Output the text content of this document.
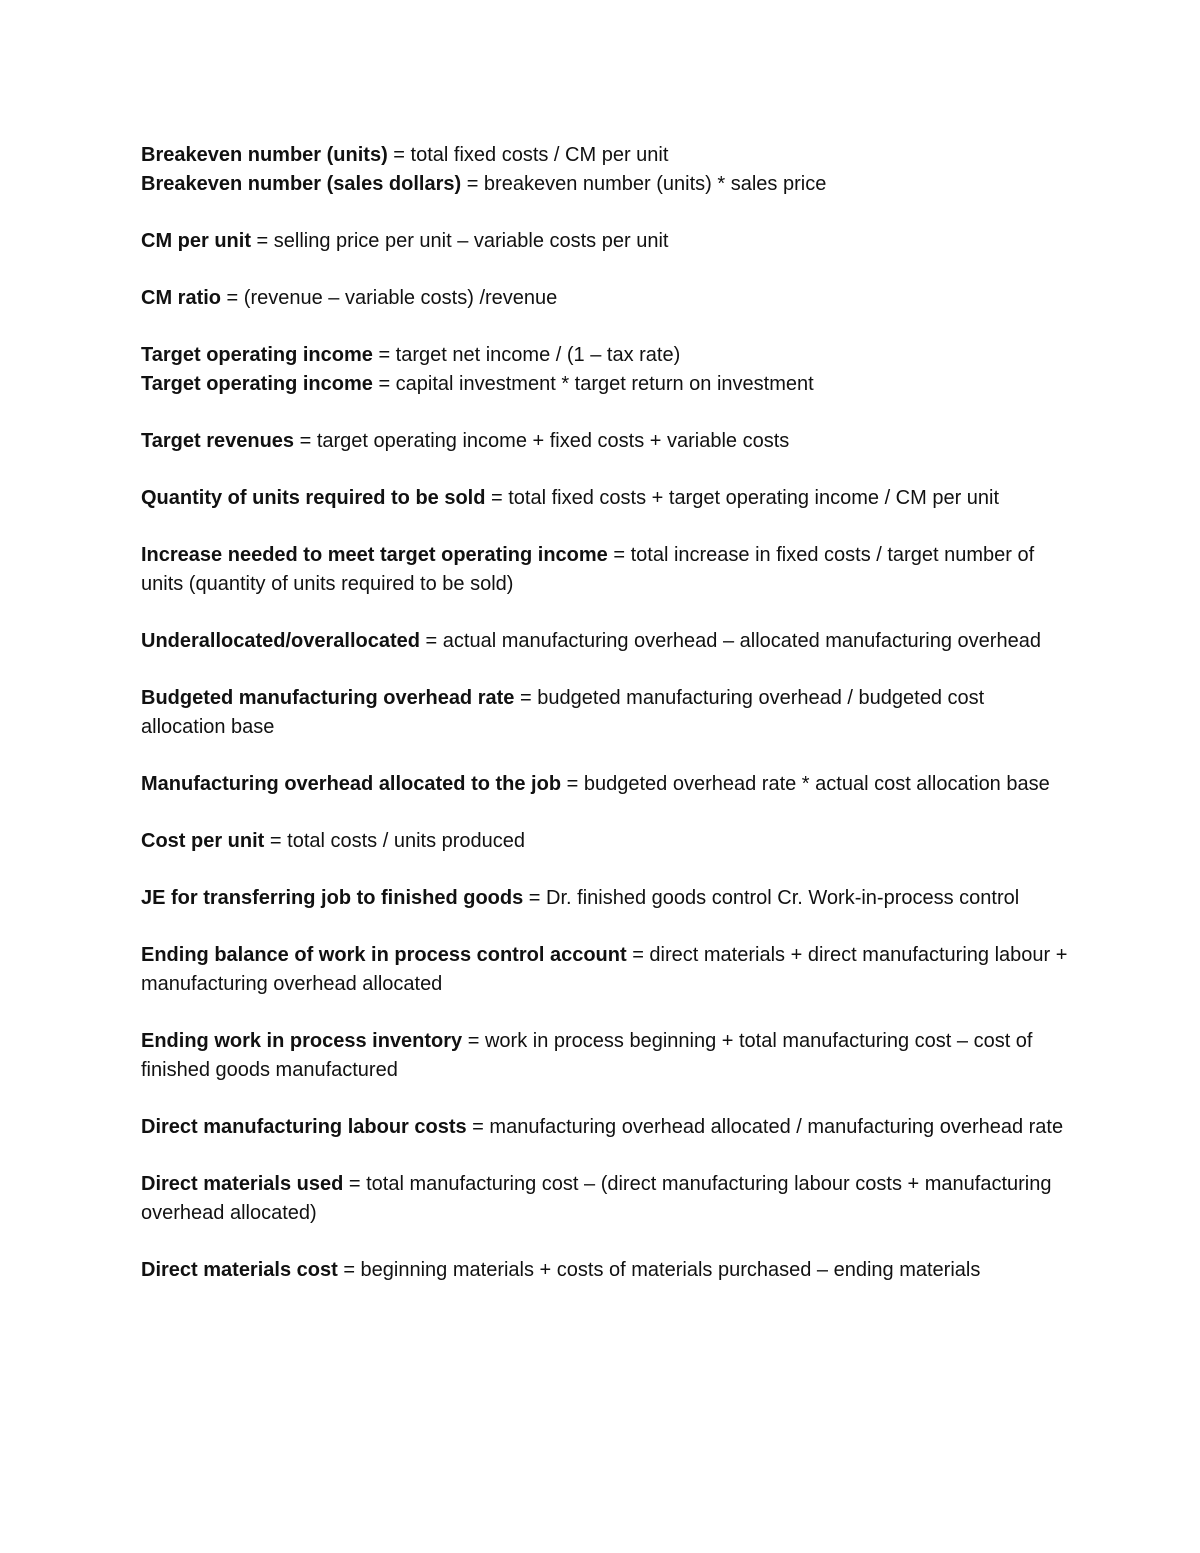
Breakeven number (units) = total fixed costs / CM per unit

Breakeven number (sales dollars) = breakeven number (units) * sales price

CM per unit = selling price per unit – variable costs per unit

CM ratio = (revenue – variable costs) /revenue

Target operating income = target net income / (1 – tax rate)

Target operating income = capital investment * target return on investment

Target revenues = target operating income + fixed costs + variable costs

Quantity of units required to be sold = total fixed costs + target operating income / CM per unit

Increase needed to meet target operating income = total increase in fixed costs / target number of units (quantity of units required to be sold)

Underallocated/overallocated = actual manufacturing overhead – allocated manufacturing overhead

Budgeted manufacturing overhead rate = budgeted manufacturing overhead / budgeted cost allocation base

Manufacturing overhead allocated to the job = budgeted overhead rate * actual cost allocation base

Cost per unit = total costs / units produced

JE for transferring job to finished goods = Dr. finished goods control Cr. Work-in-process control

Ending balance of work in process control account = direct materials + direct manufacturing labour + manufacturing overhead allocated

Ending work in process inventory = work in process beginning + total manufacturing cost – cost of finished goods manufactured

Direct manufacturing labour costs = manufacturing overhead allocated / manufacturing overhead rate

Direct materials used = total manufacturing cost – (direct manufacturing labour costs + manufacturing overhead allocated)

Direct materials cost = beginning materials + costs of materials purchased – ending materials
